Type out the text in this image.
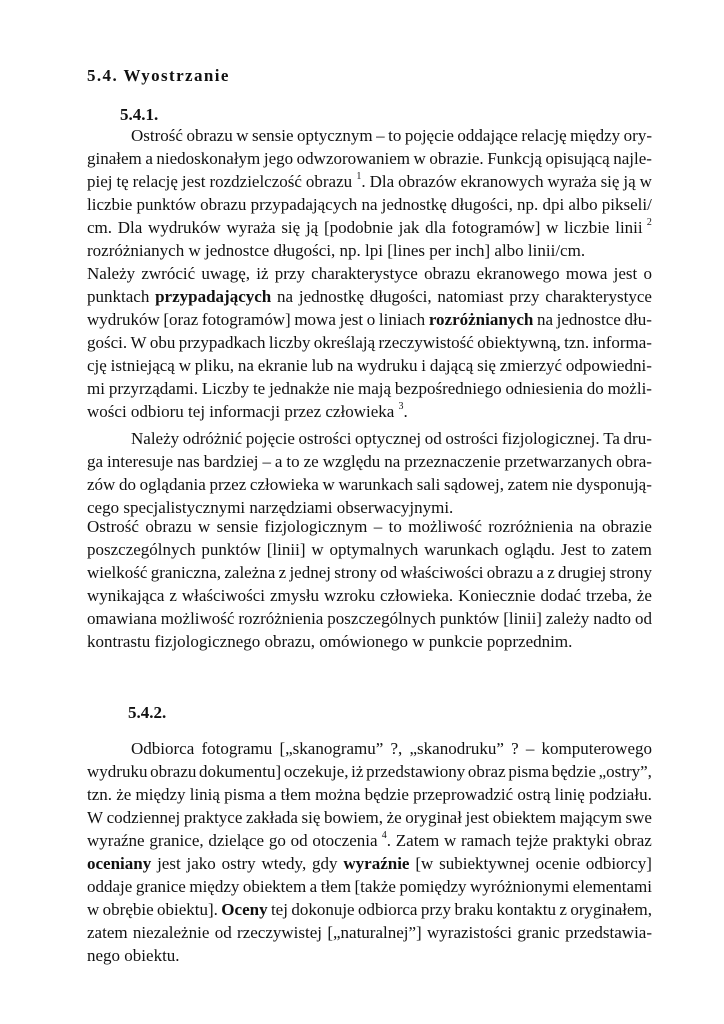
5.4. Wyostrzanie
5.4.1.
Ostrość obrazu w sensie optycznym – to pojęcie oddające relację między ory-
ginałem a niedoskonałym jego odwzorowaniem w obrazie. Funkcją opisującą najle-
piej tę relację jest rozdzielczość obrazu $^1$. Dla obrazów ekranowych wyraża się ją w
liczbie punktów obrazu przypadających na jednostkę długości, np. dpi albo pikseli/
cm. Dla wydruków wyraża się ją [podobnie jak dla fotogramów] w liczbie linii $^2$
rozróżnianych w jednostce długości, np. lpi [lines per inch] albo linii/cm.
Należy zwrócić uwagę, iż przy charakterystyce obrazu ekranowego mowa jest o
punktach przypadających na jednostkę długości, natomiast przy charakterystyce
wydruków [oraz fotogramów] mowa jest o liniach rozróżnianych na jednostce dłu-
gości. W obu przypadkach liczby określają rzeczywistość obiektywną, tzn. informa-
cję istniejącą w pliku, na ekranie lub na wydruku i dającą się zmierzyć odpowiedni-
mi przyrządami. Liczby te jednakże nie mają bezpośredniego odniesienia do możli-
wości odbioru tej informacji przez człowieka $^3$.
Należy odróżnić pojęcie ostrości optycznej od ostrości fizjologicznej. Ta dru-
ga interesuje nas bardziej – a to ze względu na przeznaczenie przetwarzanych obra-
zów do oglądania przez człowieka w warunkach sali sądowej, zatem nie dysponują-
cego specjalistycznymi narzędziami obserwacyjnymi.
Ostrość obrazu w sensie fizjologicznym – to możliwość rozróżnienia na obrazie
poszczególnych punktów [linii] w optymalnych warunkach oglądu. Jest to zatem
wielkość graniczna, zależna z jednej strony od właściwości obrazu a z drugiej strony
wynikająca z właściwości zmysłu wzroku człowieka. Koniecznie dodać trzeba, że
omawiana możliwość rozróżnienia poszczególnych punktów [linii] zależy nadto od
kontrastu fizjologicznego obrazu, omówionego w punkcie poprzednim.
5.4.2.
Odbiorca fotogramu [„skanogramu” ?, „skanodruku” ? – komputerowego
wydruku obrazu dokumentu] oczekuje, iż przedstawiony obraz pisma będzie „ostry”,
tzn. że między linią pisma a tłem można będzie przeprowadzić ostrą linię podziału.
W codziennej praktyce zakłada się bowiem, że oryginał jest obiektem mającym swe
wyraźne granice, dzielące go od otoczenia $^4$. Zatem w ramach tejże praktyki obraz
oceniany jest jako ostry wtedy, gdy wyraźnie [w subiektywnej ocenie odbiorcy]
oddaje granice między obiektem a tłem [także pomiędzy wyróżnionymi elementami
w obrębie obiektu]. Oceny tej dokonuje odbiorca przy braku kontaktu z oryginałem,
zatem niezależnie od rzeczywistej [„naturalnej”] wyrazistości granic przedstawia-
nego obiektu.
